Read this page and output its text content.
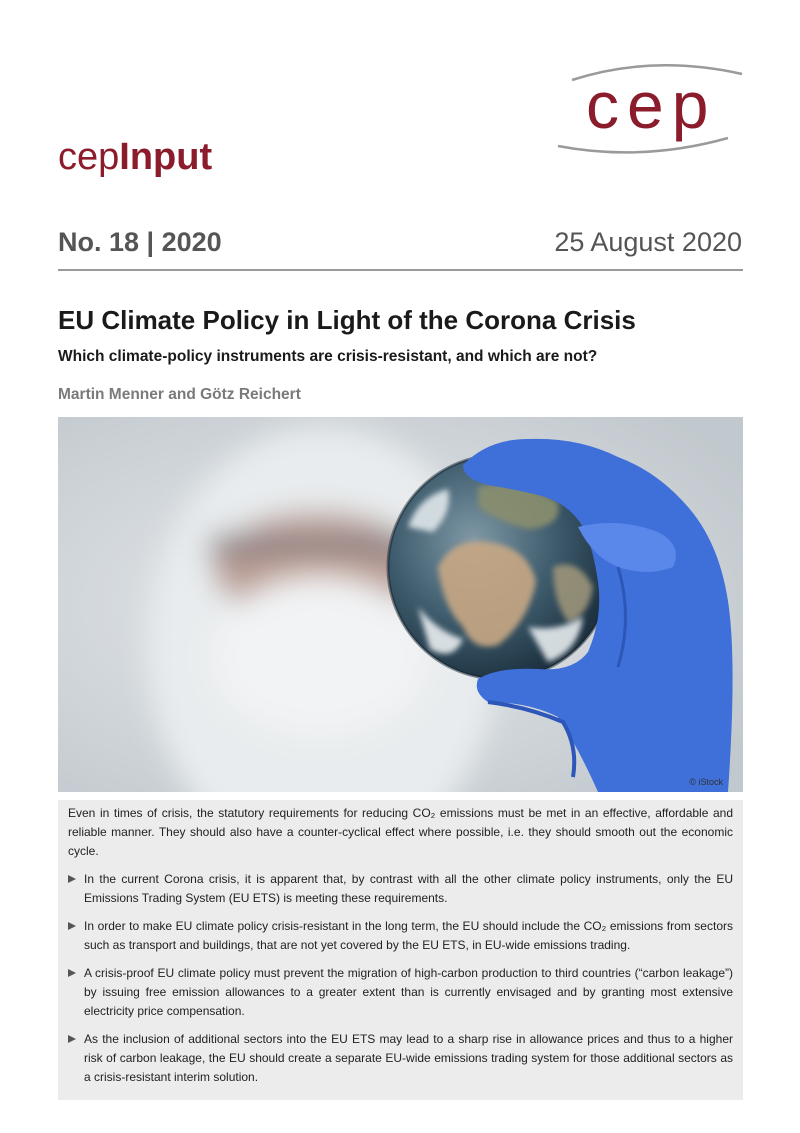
cep
cepInput
No. 18 | 2020	25 August 2020
EU Climate Policy in Light of the Corona Crisis
Which climate-policy instruments are crisis-resistant, and which are not?
Martin Menner and Götz Reichert
© iStock

Even in times of crisis, the statutory requirements for reducing CO₂ emissions must be met in an effective, affordable and reliable manner. They should also have a counter-cyclical effect where possible, i.e. they should smooth out the economic cycle.

In the current Corona crisis, it is apparent that, by contrast with all the other climate policy instruments, only the EU Emissions Trading System (EU ETS) is meeting these requirements.
In order to make EU climate policy crisis-resistant in the long term, the EU should include the CO₂ emissions from sectors such as transport and buildings, that are not yet covered by the EU ETS, in EU-wide emissions trading.
A crisis-proof EU climate policy must prevent the migration of high-carbon production to third countries (“carbon leakage”) by issuing free emission allowances to a greater extent than is currently envisaged and by granting most extensive electricity price compensation.
As the inclusion of additional sectors into the EU ETS may lead to a sharp rise in allowance prices and thus to a higher risk of carbon leakage, the EU should create a separate EU-wide emissions trading system for those additional sectors as a crisis-resistant interim solution.
